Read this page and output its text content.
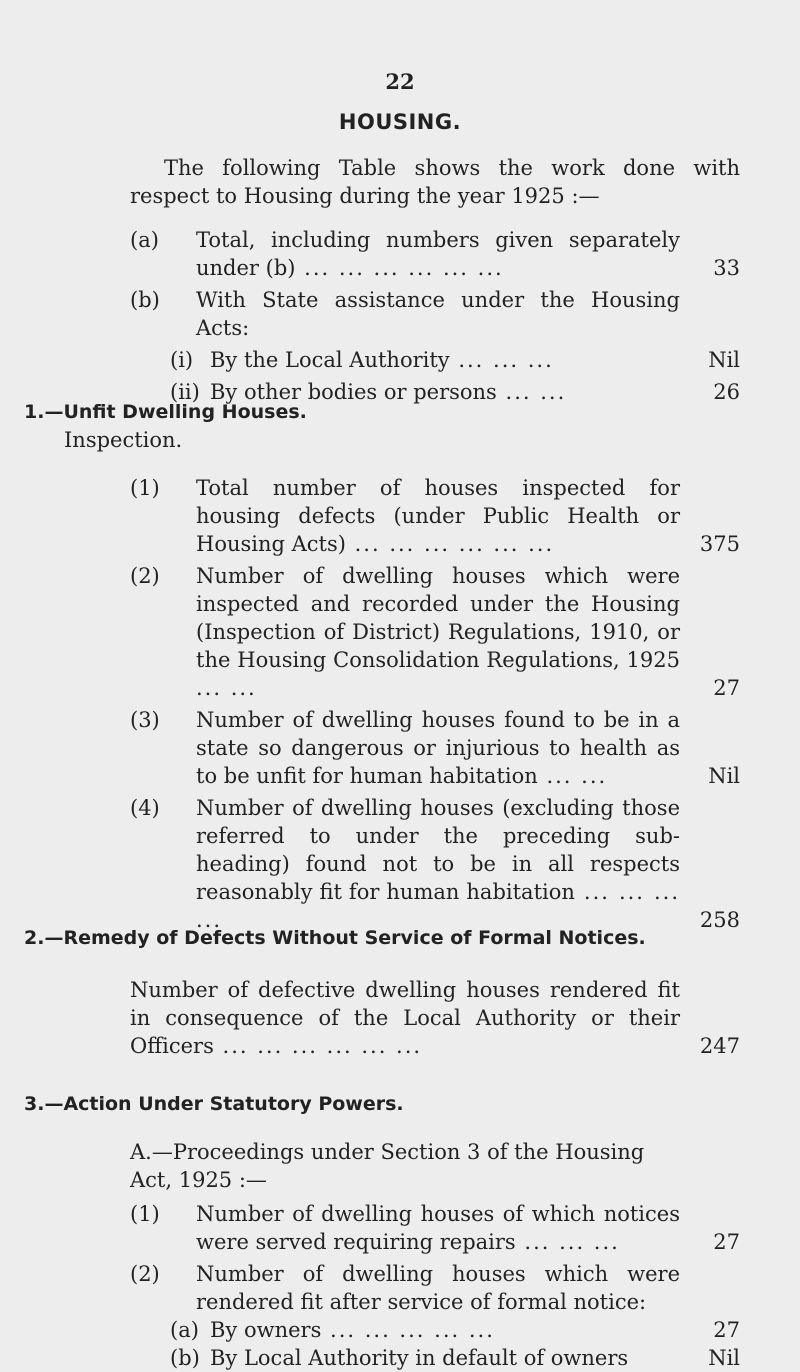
22
HOUSING.
The following Table shows the work done with respect to Housing during the year 1925 :—
(a)	Total, including numbers given separately under (b) ... ... ... ... ... ...	33
(b)	With State assistance under the Housing Acts:
(i) By the Local Authority ... ... ...	Nil
(ii) By other bodies or persons ... ...	26
1.—Unfit Dwelling Houses.
Inspection.
(1)	Total number of houses inspected for housing defects (under Public Health or Housing Acts) ... ... ... ... ... ...	375
(2)	Number of dwelling houses which were inspected and recorded under the Housing (Inspection of District) Regulations, 1910, or the Housing Consolidation Regulations, 1925 ... ...	27
(3)	Number of dwelling houses found to be in a state so dangerous or injurious to health as to be unfit for human habitation ... ...	Nil
(4)	Number of dwelling houses (excluding those referred to under the preceding sub-heading) found not to be in all respects reasonably fit for human habitation ... ... ... ...	258
2.—Remedy of Defects Without Service of Formal Notices.
Number of defective dwelling houses rendered fit in consequence of the Local Authority or their Officers ... ... ... ... ... ...	247
3.—Action Under Statutory Powers.
A.—Proceedings under Section 3 of the Housing Act, 1925 :—
(1)	Number of dwelling houses of which notices were served requiring repairs ... ... ...	27
(2)	Number of dwelling houses which were rendered fit after service of formal notice:
(a) By owners ... ... ... ... ...	27
(b) By Local Authority in default of owners	Nil
